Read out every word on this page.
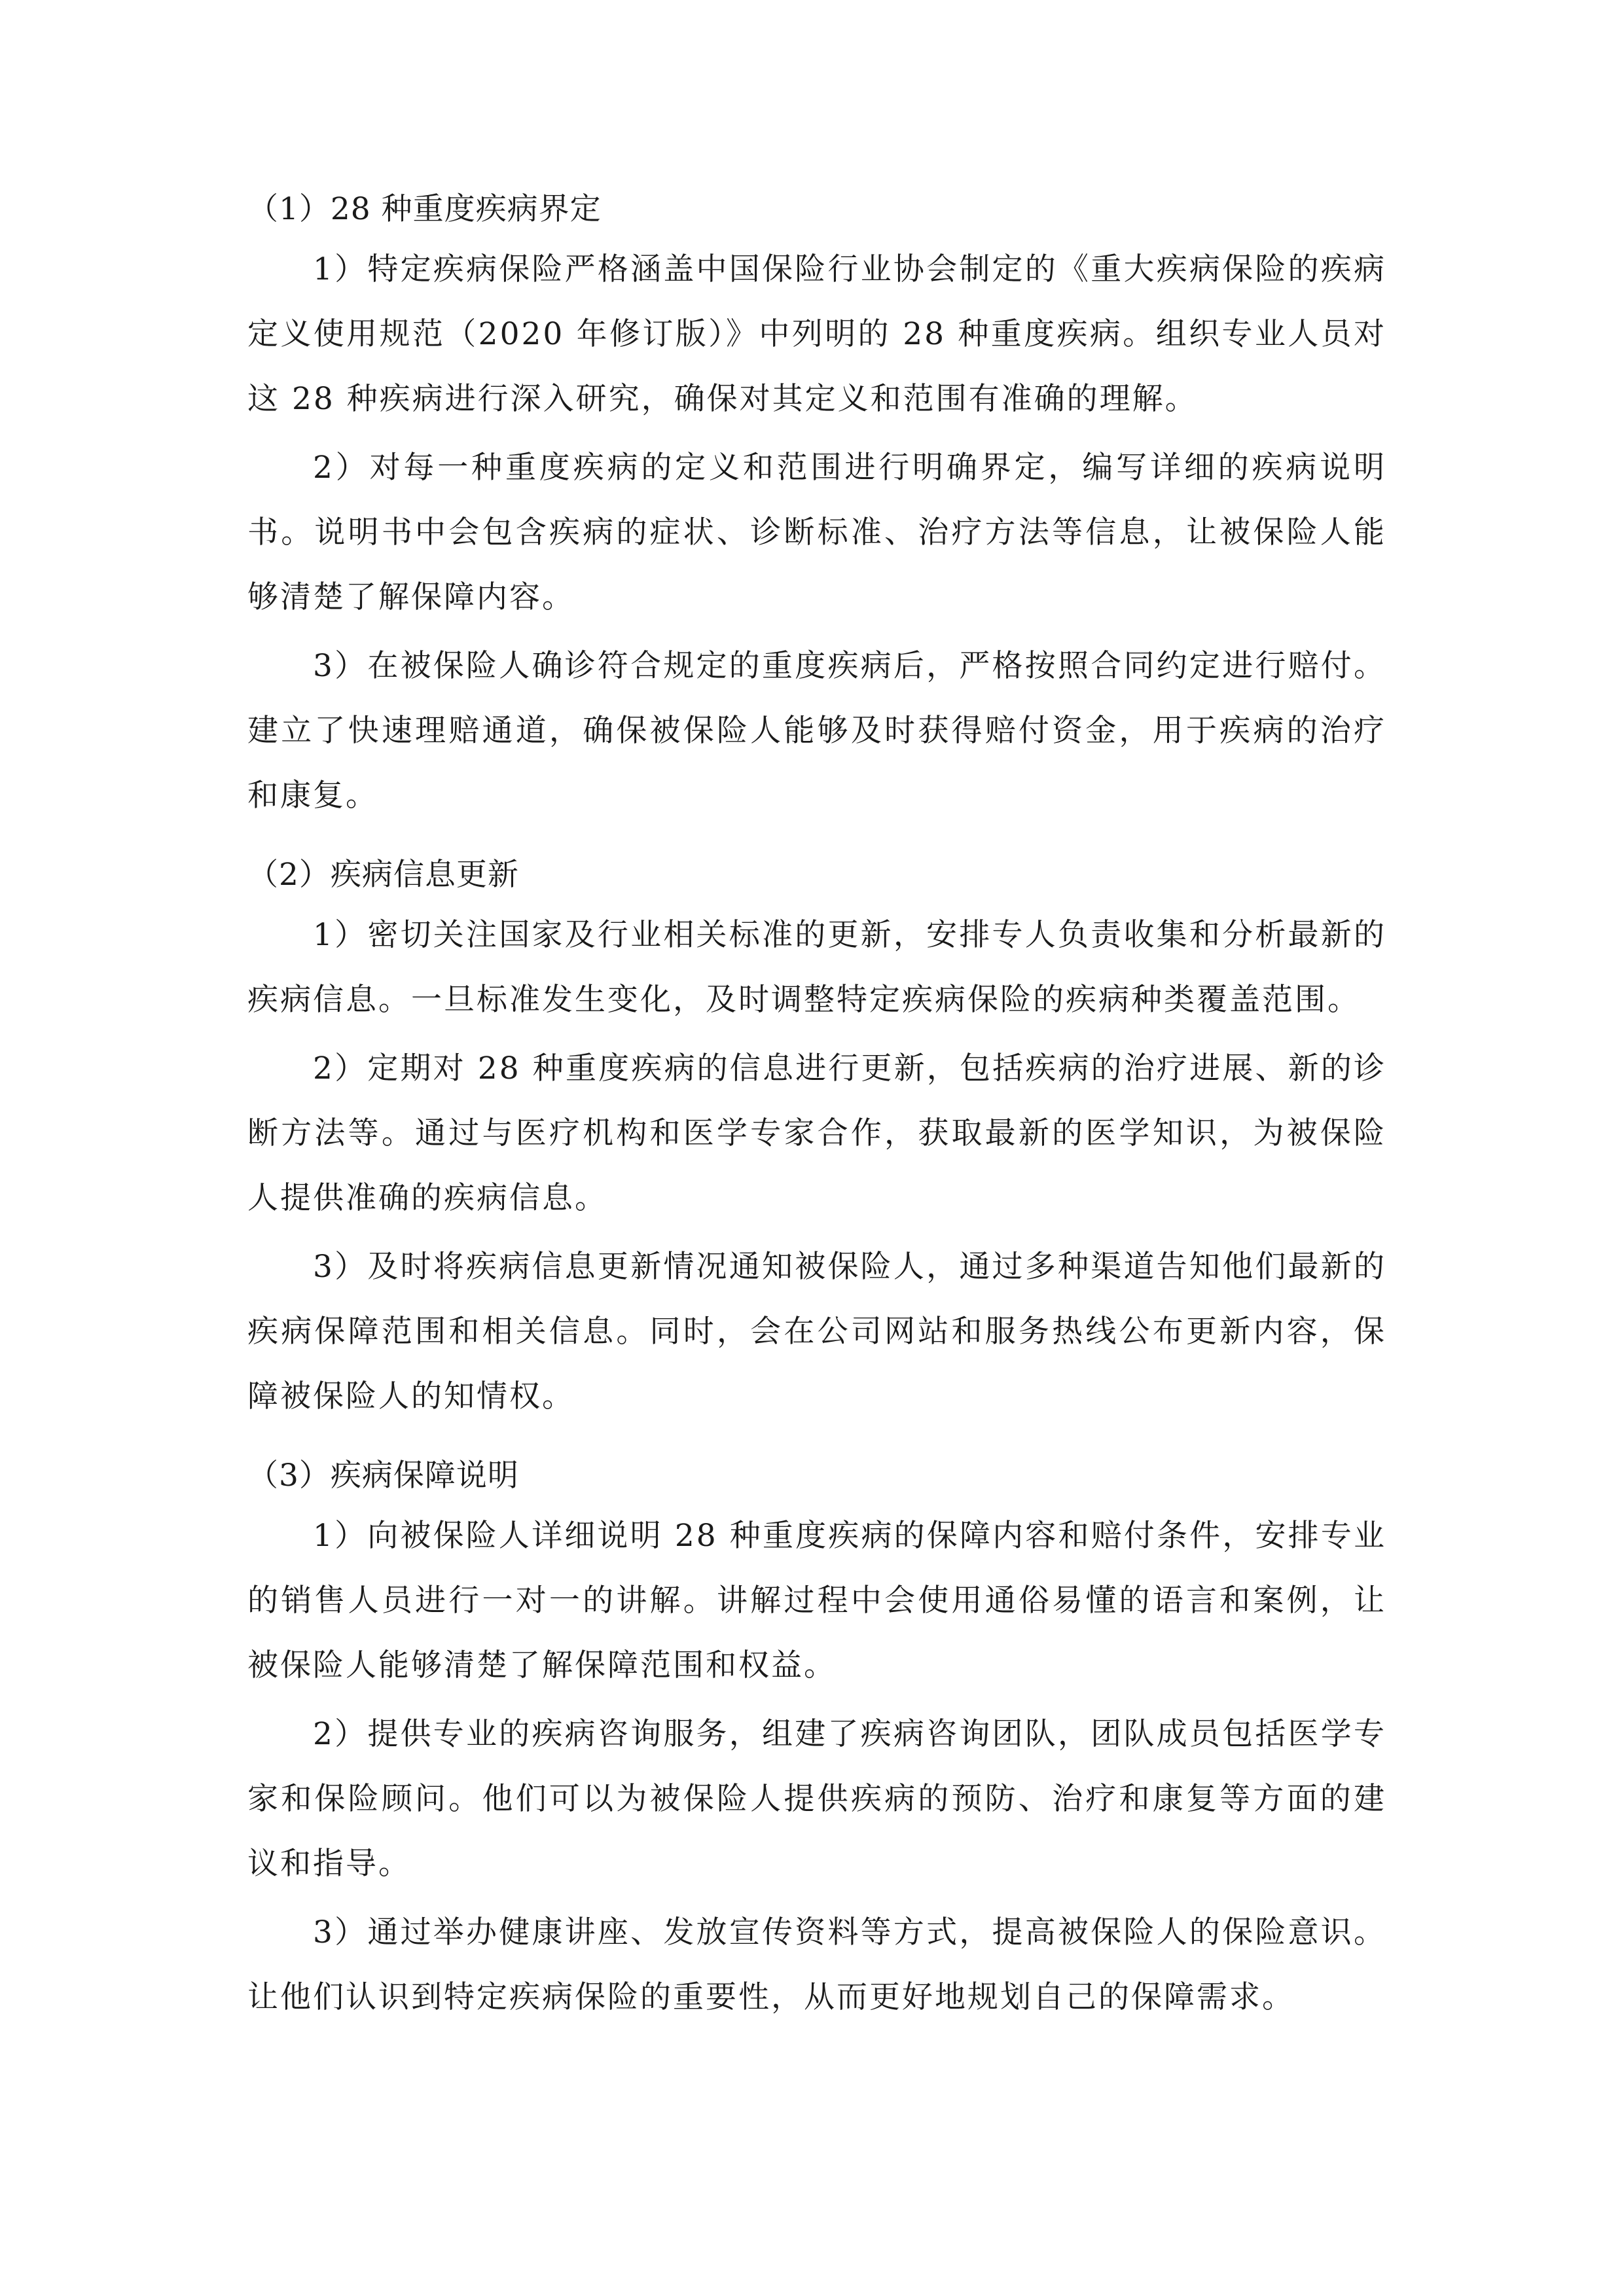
（1）28 种重度疾病界定

1）特定疾病保险严格涵盖中国保险行业协会制定的《重大疾病保险的疾病定义使用规范（2020 年修订版）》中列明的 28 种重度疾病。组织专业人员对这 28 种疾病进行深入研究，确保对其定义和范围有准确的理解。

2）对每一种重度疾病的定义和范围进行明确界定，编写详细的疾病说明书。说明书中会包含疾病的症状、诊断标准、治疗方法等信息，让被保险人能够清楚了解保障内容。

3）在被保险人确诊符合规定的重度疾病后，严格按照合同约定进行赔付。建立了快速理赔通道，确保被保险人能够及时获得赔付资金，用于疾病的治疗和康复。

（2）疾病信息更新

1）密切关注国家及行业相关标准的更新，安排专人负责收集和分析最新的疾病信息。一旦标准发生变化，及时调整特定疾病保险的疾病种类覆盖范围。

2）定期对 28 种重度疾病的信息进行更新，包括疾病的治疗进展、新的诊断方法等。通过与医疗机构和医学专家合作，获取最新的医学知识，为被保险人提供准确的疾病信息。

3）及时将疾病信息更新情况通知被保险人，通过多种渠道告知他们最新的疾病保障范围和相关信息。同时，会在公司网站和服务热线公布更新内容，保障被保险人的知情权。

（3）疾病保障说明

1）向被保险人详细说明 28 种重度疾病的保障内容和赔付条件，安排专业的销售人员进行一对一的讲解。讲解过程中会使用通俗易懂的语言和案例，让被保险人能够清楚了解保障范围和权益。

2）提供专业的疾病咨询服务，组建了疾病咨询团队，团队成员包括医学专家和保险顾问。他们可以为被保险人提供疾病的预防、治疗和康复等方面的建议和指导。

3）通过举办健康讲座、发放宣传资料等方式，提高被保险人的保险意识。让他们认识到特定疾病保险的重要性，从而更好地规划自己的保障需求。
